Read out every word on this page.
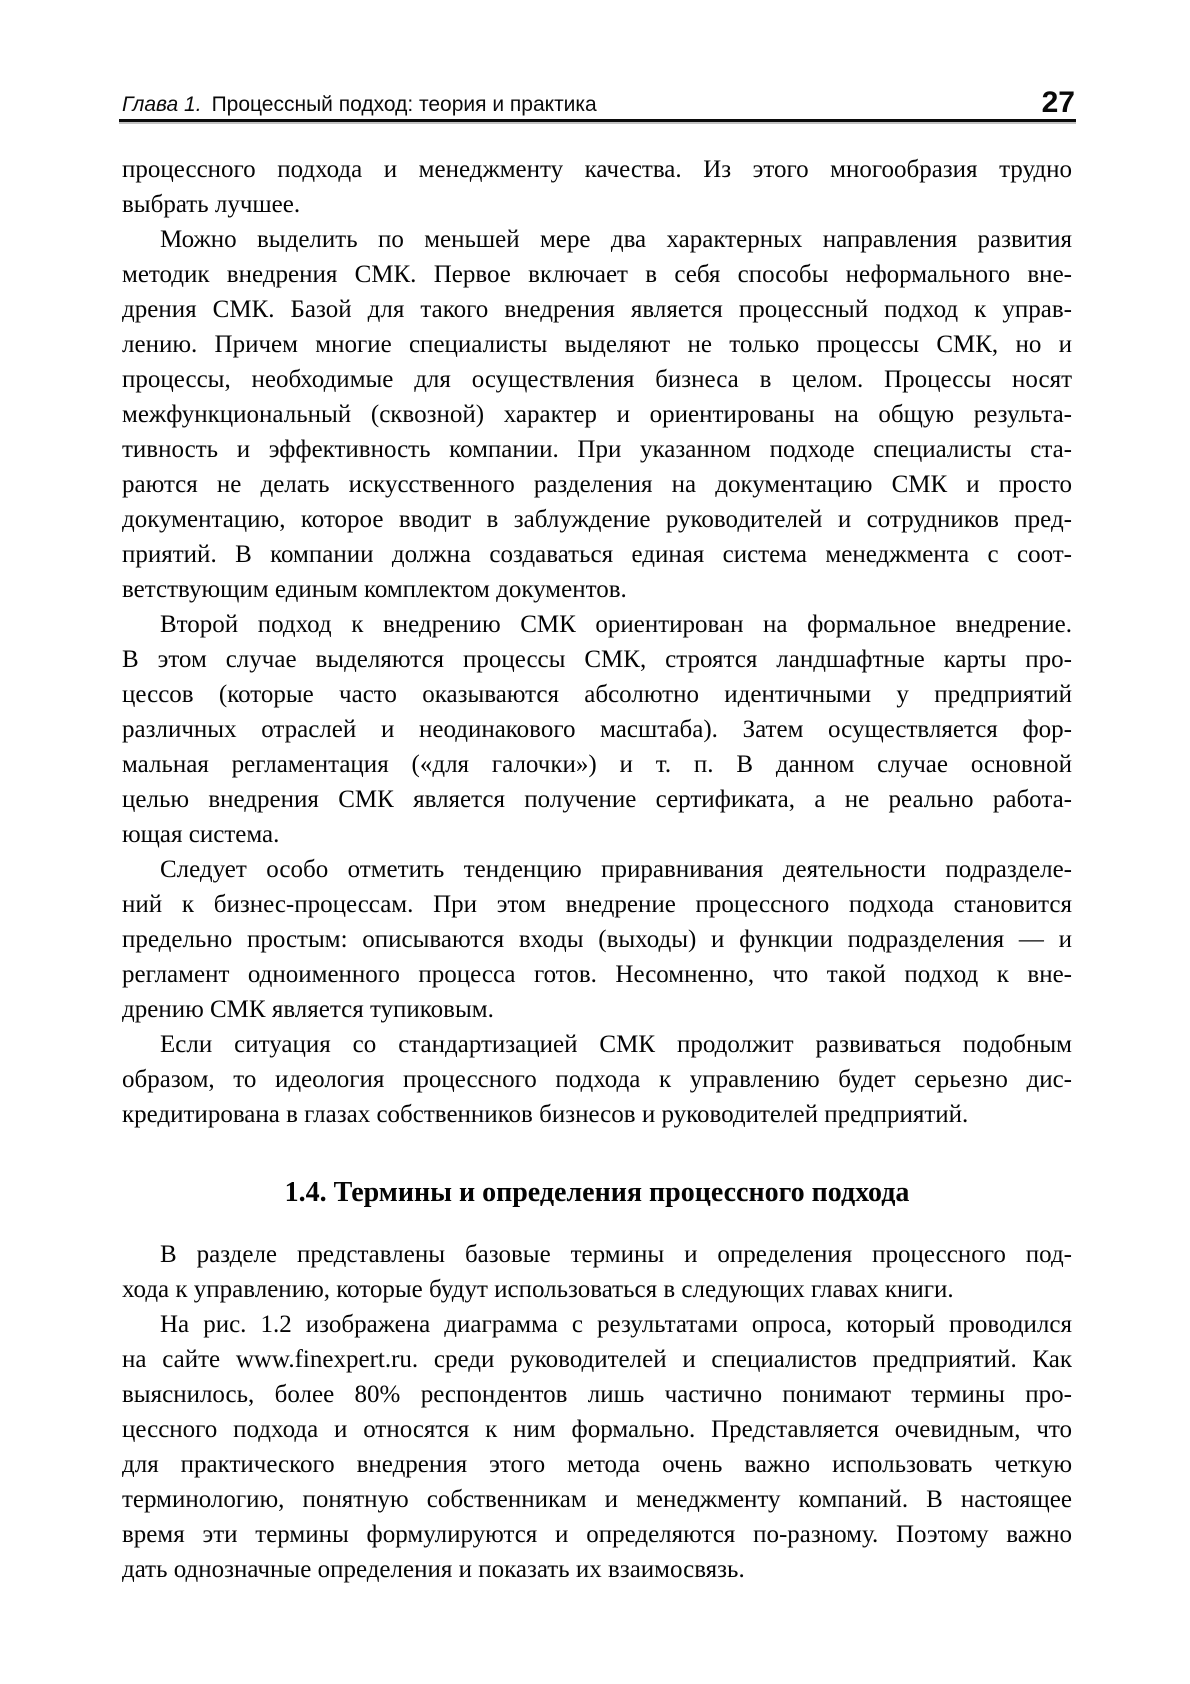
Глава 1. Процессный подход: теория и практика	27
процессного подхода и менеджменту качества. Из этого многообразия трудно
выбрать лучшее.
Можно выделить по меньшей мере два характерных направления развития
методик внедрения СМК. Первое включает в себя способы неформального вне-
дрения СМК. Базой для такого внедрения является процессный подход к управ-
лению. Причем многие специалисты выделяют не только процессы СМК, но и
процессы, необходимые для осуществления бизнеса в целом. Процессы носят
межфункциональный (сквозной) характер и ориентированы на общую результа-
тивность и эффективность компании. При указанном подходе специалисты ста-
раются не делать искусственного разделения на документацию СМК и просто
документацию, которое вводит в заблуждение руководителей и сотрудников пред-
приятий. В компании должна создаваться единая система менеджмента с соот-
ветствующим единым комплектом документов.
Второй подход к внедрению СМК ориентирован на формальное внедрение.
В этом случае выделяются процессы СМК, строятся ландшафтные карты про-
цессов (которые часто оказываются абсолютно идентичными у предприятий
различных отраслей и неодинакового масштаба). Затем осуществляется фор-
мальная регламентация («для галочки») и т. п. В данном случае основной
целью внедрения СМК является получение сертификата, а не реально работа-
ющая система.
Следует особо отметить тенденцию приравнивания деятельности подразделе-
ний к бизнес-процессам. При этом внедрение процессного подхода становится
предельно простым: описываются входы (выходы) и функции подразделения — и
регламент одноименного процесса готов. Несомненно, что такой подход к вне-
дрению СМК является тупиковым.
Если ситуация со стандартизацией СМК продолжит развиваться подобным
образом, то идеология процессного подхода к управлению будет серьезно дис-
кредитирована в глазах собственников бизнесов и руководителей предприятий.
1.4. Термины и определения процессного подхода
В разделе представлены базовые термины и определения процессного под-
хода к управлению, которые будут использоваться в следующих главах книги.
На рис. 1.2 изображена диаграмма с результатами опроса, который проводился
на сайте www.finexpert.ru. среди руководителей и специалистов предприятий. Как
выяснилось, более 80% респондентов лишь частично понимают термины про-
цессного подхода и относятся к ним формально. Представляется очевидным, что
для практического внедрения этого метода очень важно использовать четкую
терминологию, понятную собственникам и менеджменту компаний. В настоящее
время эти термины формулируются и определяются по-разному. Поэтому важно
дать однозначные определения и показать их взаимосвязь.
